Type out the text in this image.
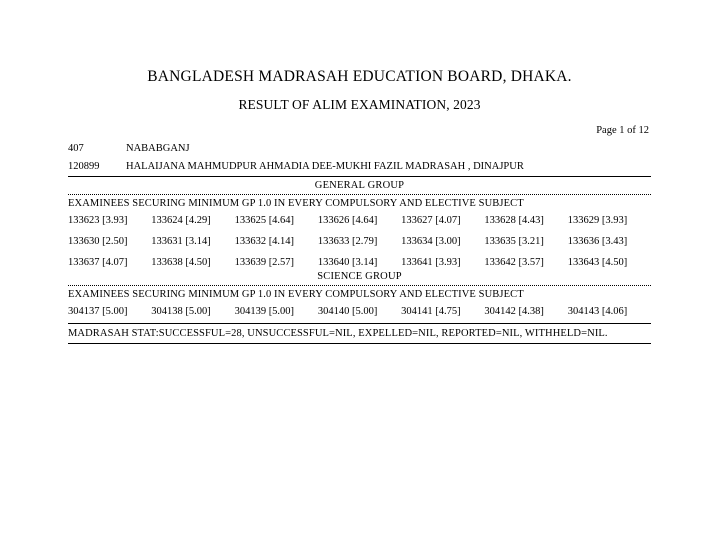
BANGLADESH MADRASAH EDUCATION BOARD, DHAKA.
RESULT OF ALIM EXAMINATION, 2023
Page 1 of 12
407	NABABGANJ
120899	HALAIJANA MAHMUDPUR AHMADIA DEE-MUKHI FAZIL MADRASAH , DINAJPUR
GENERAL GROUP
EXAMINEES SECURING MINIMUM GP 1.0 IN EVERY COMPULSORY AND ELECTIVE SUBJECT
133623 [3.93]	133624 [4.29]	133625 [4.64]	133626 [4.64]	133627 [4.07]	133628 [4.43]	133629 [3.93]
133630 [2.50]	133631 [3.14]	133632 [4.14]	133633 [2.79]	133634 [3.00]	133635 [3.21]	133636 [3.43]
133637 [4.07]	133638 [4.50]	133639 [2.57]	133640 [3.14]	133641 [3.93]	133642 [3.57]	133643 [4.50]
SCIENCE GROUP
EXAMINEES SECURING MINIMUM GP 1.0 IN EVERY COMPULSORY AND ELECTIVE SUBJECT
304137 [5.00]	304138 [5.00]	304139 [5.00]	304140 [5.00]	304141 [4.75]	304142 [4.38]	304143 [4.06]
MADRASAH STAT:SUCCESSFUL=28, UNSUCCESSFUL=NIL, EXPELLED=NIL, REPORTED=NIL, WITHHELD=NIL.
